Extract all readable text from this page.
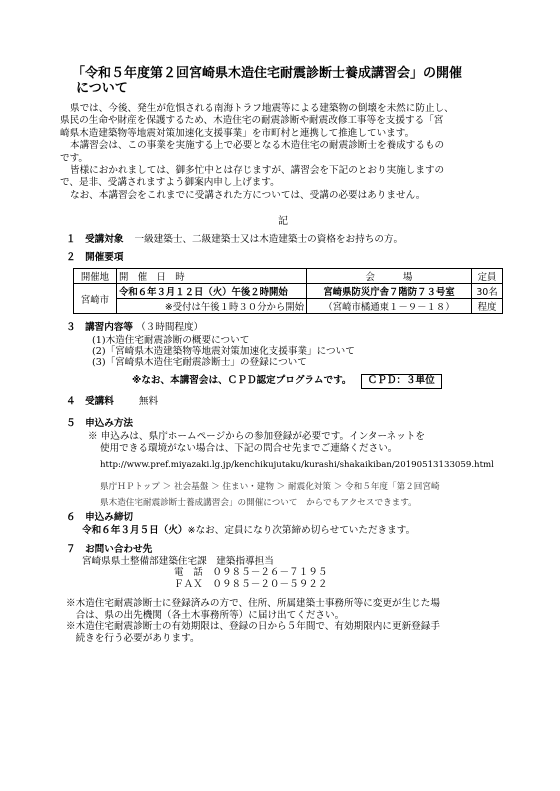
「令和５年度第２回宮崎県木造住宅耐震診断士養成講習会」の開催
について

県では、今後、発生が危惧される南海トラフ地震等による建築物の倒壊を未然に防止し、

県民の生命や財産を保護するため、木造住宅の耐震診断や耐震改修工事等を支援する「宮

崎県木造建築物等地震対策加速化支援事業」を市町村と連携して推進しています。

本講習会は、この事業を実施する上で必要となる木造住宅の耐震診断士を養成するもの

です。

皆様におかれましては、御多忙中とは存じますが、講習会を下記のとおり実施しますの

で、是非、受講されますよう御案内申し上げます。

なお、本講習会をこれまでに受講された方については、受講の必要はありません。

記
１ 受講対象 一級建築士、二級建築士又は木造建築士の資格をお持ちの方。
２ 開催要項
開催地	開　催　日　時	会　　　場	定員
宮崎市	令和６年３月１２日（火）午後２時開始	宮崎県防災庁舎７階防７３号室	30名
	※受付は午後１時３０分から開始	（宮崎市橘通東１－９－１８）	程度
３ 講習内容等 （３時間程度）
(1)木造住宅耐震診断の概要について
(2)「宮崎県木造建築物等地震対策加速化支援事業」について
(3)「宮崎県木造住宅耐震診断士」の登録について
※なお、本講習会は、ＣＰＤ認定プログラムです。 ＣＰＤ：３単位
４ 受講料	無料
５ 申込み方法
※ 申込みは、県庁ホームページからの参加登録が必要です。インターネットを
使用できる環境がない場合は、下記の問合せ先までご連絡ください。
http://www.pref.miyazaki.lg.jp/kenchikujutaku/kurashi/shakaikiban/20190513133059.html
県庁ＨＰトップ ＞ 社会基盤 ＞ 住まい・建物 ＞ 耐震化対策 ＞ 令和５年度「第２回宮崎
県木造住宅耐震診断士養成講習会」の開催について　からでもアクセスできます。
６ 申込み締切
令和６年３月５日（火）※なお、定員になり次第締め切らせていただきます。
７ お問い合わせ先
宮崎県県土整備部建築住宅課　建築指導担当
電　話　０９８５－２６－７１９５
ＦＡＸ　０９８５－２０－５９２２
※木造住宅耐震診断士に登録済みの方で、住所、所属建築士事務所等に変更が生じた場
　合は、県の出先機関（各土木事務所等）に届け出てください。
※木造住宅耐震診断士の有効期限は、登録の日から５年間で、有効期限内に更新登録手
　続きを行う必要があります。
